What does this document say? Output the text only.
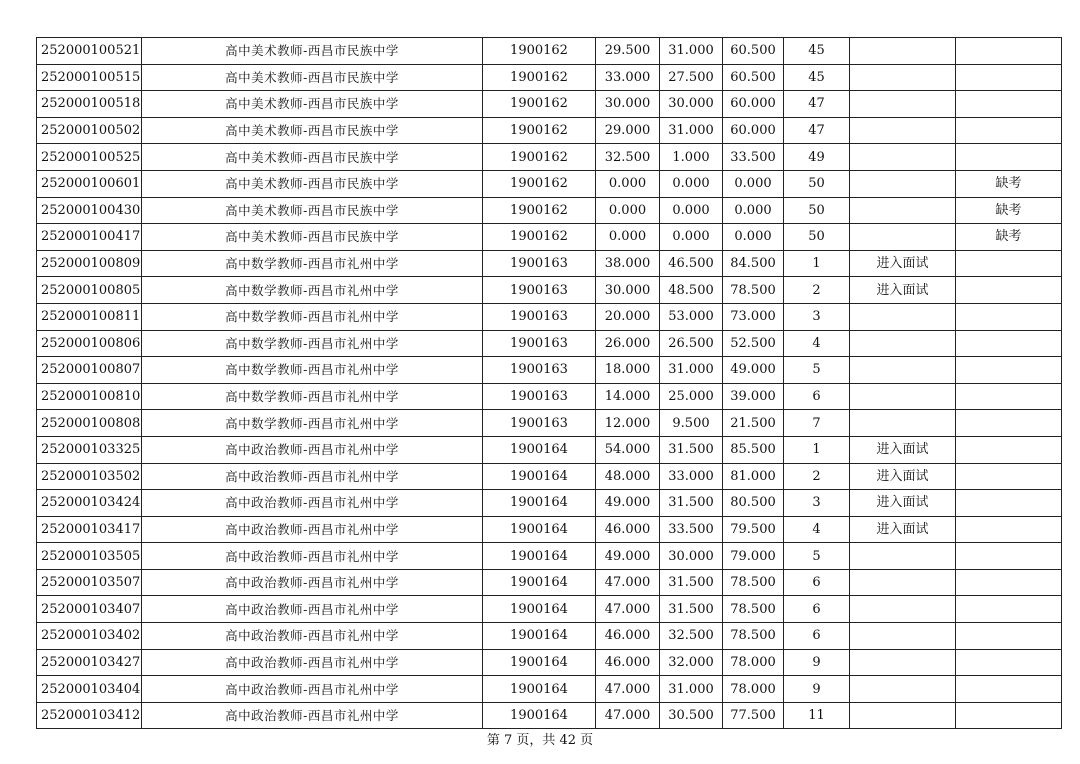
252000100521	高中美术教师-西昌市民族中学	1900162	29.500	31.000	60.500	45		
252000100515	高中美术教师-西昌市民族中学	1900162	33.000	27.500	60.500	45		
252000100518	高中美术教师-西昌市民族中学	1900162	30.000	30.000	60.000	47		
252000100502	高中美术教师-西昌市民族中学	1900162	29.000	31.000	60.000	47		
252000100525	高中美术教师-西昌市民族中学	1900162	32.500	1.000	33.500	49		
252000100601	高中美术教师-西昌市民族中学	1900162	0.000	0.000	0.000	50		缺考
252000100430	高中美术教师-西昌市民族中学	1900162	0.000	0.000	0.000	50		缺考
252000100417	高中美术教师-西昌市民族中学	1900162	0.000	0.000	0.000	50		缺考
252000100809	高中数学教师-西昌市礼州中学	1900163	38.000	46.500	84.500	1	进入面试	
252000100805	高中数学教师-西昌市礼州中学	1900163	30.000	48.500	78.500	2	进入面试	
252000100811	高中数学教师-西昌市礼州中学	1900163	20.000	53.000	73.000	3		
252000100806	高中数学教师-西昌市礼州中学	1900163	26.000	26.500	52.500	4		
252000100807	高中数学教师-西昌市礼州中学	1900163	18.000	31.000	49.000	5		
252000100810	高中数学教师-西昌市礼州中学	1900163	14.000	25.000	39.000	6		
252000100808	高中数学教师-西昌市礼州中学	1900163	12.000	9.500	21.500	7		
252000103325	高中政治教师-西昌市礼州中学	1900164	54.000	31.500	85.500	1	进入面试	
252000103502	高中政治教师-西昌市礼州中学	1900164	48.000	33.000	81.000	2	进入面试	
252000103424	高中政治教师-西昌市礼州中学	1900164	49.000	31.500	80.500	3	进入面试	
252000103417	高中政治教师-西昌市礼州中学	1900164	46.000	33.500	79.500	4	进入面试	
252000103505	高中政治教师-西昌市礼州中学	1900164	49.000	30.000	79.000	5		
252000103507	高中政治教师-西昌市礼州中学	1900164	47.000	31.500	78.500	6		
252000103407	高中政治教师-西昌市礼州中学	1900164	47.000	31.500	78.500	6		
252000103402	高中政治教师-西昌市礼州中学	1900164	46.000	32.500	78.500	6		
252000103427	高中政治教师-西昌市礼州中学	1900164	46.000	32.000	78.000	9		
252000103404	高中政治教师-西昌市礼州中学	1900164	47.000	31.000	78.000	9		
252000103412	高中政治教师-西昌市礼州中学	1900164	47.000	30.500	77.500	11		
第 7 页，共 42 页
